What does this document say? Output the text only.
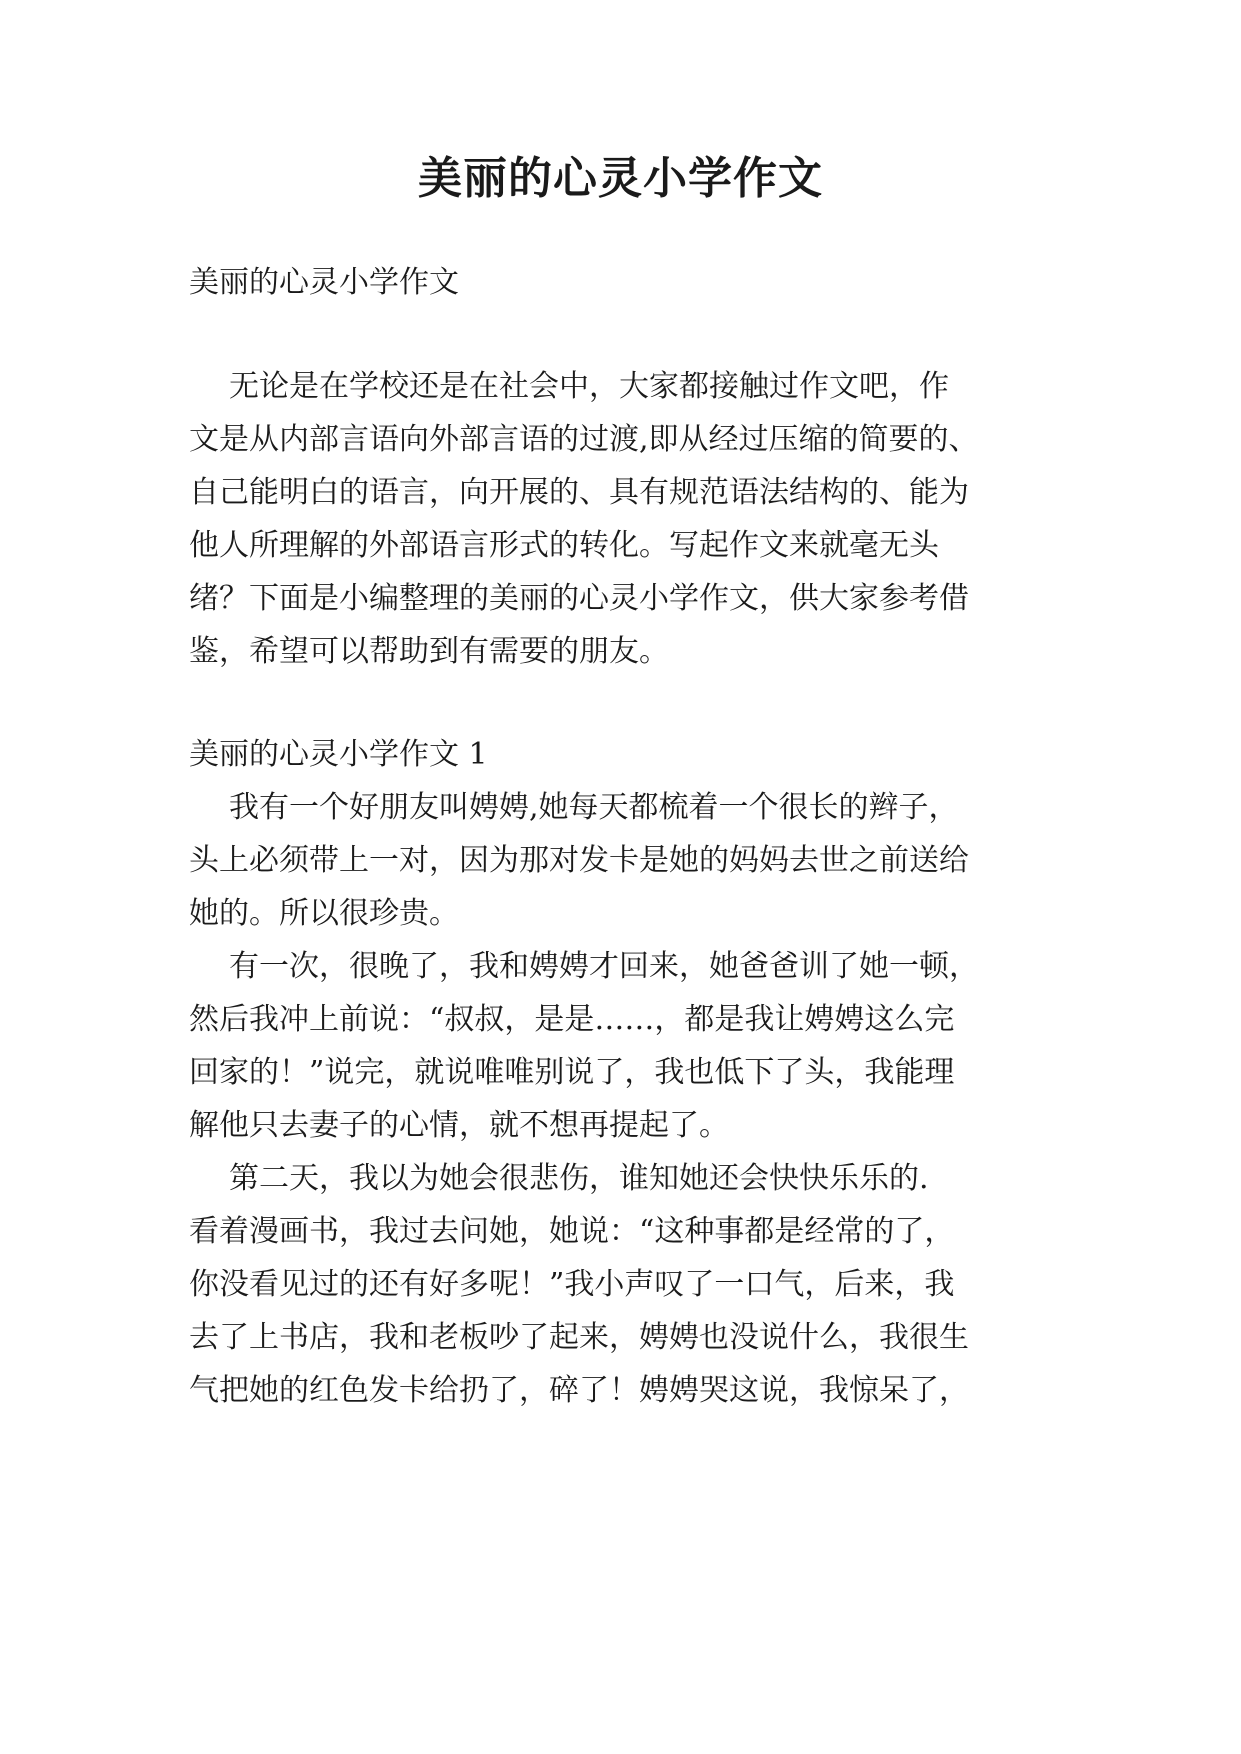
美丽的心灵小学作文
美丽的心灵小学作文
无论是在学校还是在社会中，大家都接触过作文吧，作
文是从内部言语向外部言语的过渡,即从经过压缩的简要的、
自己能明白的语言，向开展的、具有规范语法结构的、能为
他人所理解的外部语言形式的转化。写起作文来就毫无头
绪？下面是小编整理的美丽的心灵小学作文，供大家参考借
鉴，希望可以帮助到有需要的朋友。
美丽的心灵小学作文 1
我有一个好朋友叫娉娉,她每天都梳着一个很长的辫子，
头上必须带上一对，因为那对发卡是她的妈妈去世之前送给
她的。所以很珍贵。
有一次，很晚了，我和娉娉才回来，她爸爸训了她一顿，
然后我冲上前说：“叔叔，是是……，都是我让娉娉这么完
回家的！”说完，就说唯唯别说了，我也低下了头，我能理
解他只去妻子的心情，就不想再提起了。
第二天，我以为她会很悲伤，谁知她还会快快乐乐的.
看着漫画书，我过去问她，她说：“这种事都是经常的了，
你没看见过的还有好多呢！”我小声叹了一口气，后来，我
去了上书店，我和老板吵了起来，娉娉也没说什么，我很生
气把她的红色发卡给扔了，碎了！娉娉哭这说，我惊呆了，
